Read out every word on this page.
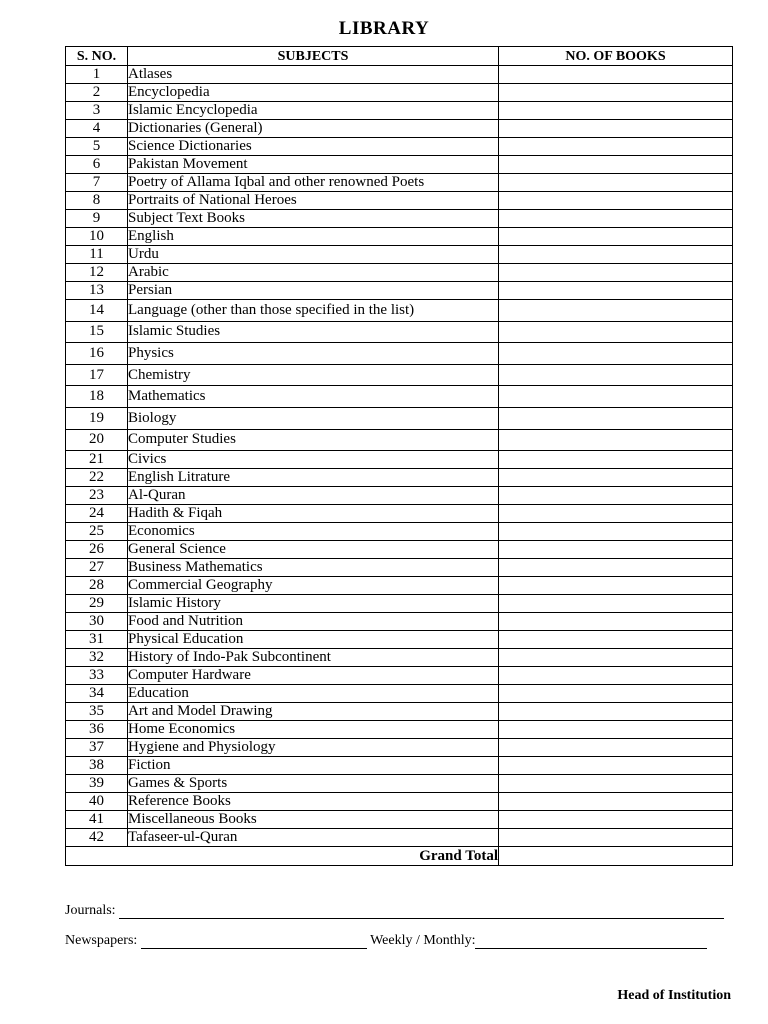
LIBRARY
S. NO.	SUBJECTS	NO. OF BOOKS
1	Atlases	
2	Encyclopedia	
3	Islamic Encyclopedia	
4	Dictionaries (General)	
5	Science Dictionaries	
6	Pakistan Movement	
7	Poetry of Allama Iqbal and other renowned Poets	
8	Portraits of National Heroes	
9	Subject Text Books	
10	English	
11	Urdu	
12	Arabic	
13	Persian	
14	Language (other than those specified in the list)	
15	Islamic Studies	
16	Physics	
17	Chemistry	
18	Mathematics	
19	Biology	
20	Computer Studies	
21	Civics	
22	English Litrature	
23	Al-Quran	
24	Hadith & Fiqah	
25	Economics	
26	General Science	
27	Business Mathematics	
28	Commercial Geography	
29	Islamic History	
30	Food and Nutrition	
31	Physical Education	
32	History of Indo-Pak Subcontinent	
33	Computer Hardware	
34	Education	
35	Art and Model Drawing	
36	Home Economics	
37	Hygiene and Physiology	
38	Fiction	
39	Games & Sports	
40	Reference Books	
41	Miscellaneous Books	
42	Tafaseer-ul-Quran	
Grand Total		
Journals:
Newspapers:	Weekly / Monthly:
Head of Institution
